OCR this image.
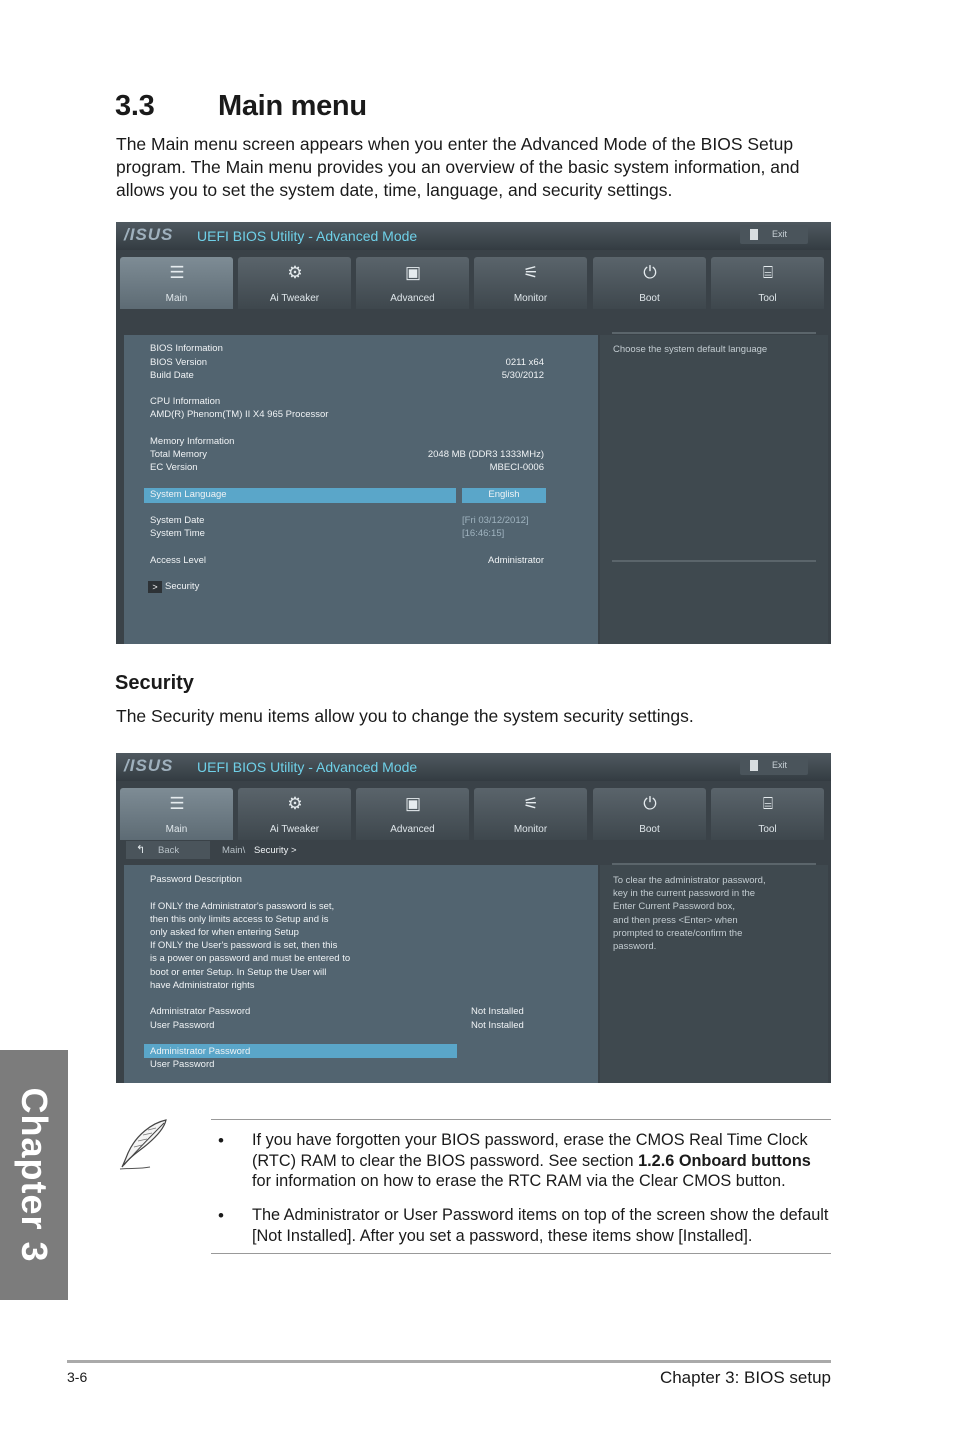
3.3 Main menu

The Main menu screen appears when you enter the Advanced Mode of the BIOS Setup program. The Main menu provides you an overview of the basic system information, and allows you to set the system date, time, language, and security settings.

/ISUS	UEFI BIOS Utility - Advanced Mode	Exit
☰
Main
⚙
Ai Tweaker
▣
Advanced
⚟
Monitor
⏻
Boot
⌸
Tool
BIOS Information
BIOS Version	0211 x64
Build Date	5/30/2012
CPU Information
AMD(R) Phenom(TM) II X4 965 Processor
Memory Information
Total Memory	2048 MB (DDR3 1333MHz)
EC Version	MBECI-0006
System Language	English
System Date	[Fri 03/12/2012]
System Time	[16:46:15]
Access Level	Administrator
> Security
Choose the system default language
Security

The Security menu items allow you to change the system security settings.

/ISUS	UEFI BIOS Utility - Advanced Mode	Exit
☰
Main
⚙
Ai Tweaker
▣
Advanced
⚟
Monitor
⏻
Boot
⌸
Tool
↰ Back	Main\ Security >
Password Description
If ONLY the Administrator's password is set,
then this only limits access to Setup and is
only asked for when entering Setup
If ONLY the User's password is set, then this
is a power on password and must be entered to
boot or enter Setup. In Setup the User will
have Administrator rights
Administrator Password	Not Installed
User Password	Not Installed
Administrator Password
User Password
To clear the administrator password,
key in the current password in the
Enter Current Password box,
and then press <Enter> when
prompted to create/confirm the
password.
• If you have forgotten your BIOS password, erase the CMOS Real Time Clock (RTC) RAM to clear the BIOS password. See section 1.2.6 Onboard buttons for information on how to erase the RTC RAM via the Clear CMOS button.

• The Administrator or User Password items on top of the screen show the default [Not Installed]. After you set a password, these items show [Installed].

Chapter 3
3-6	Chapter 3: BIOS setup
